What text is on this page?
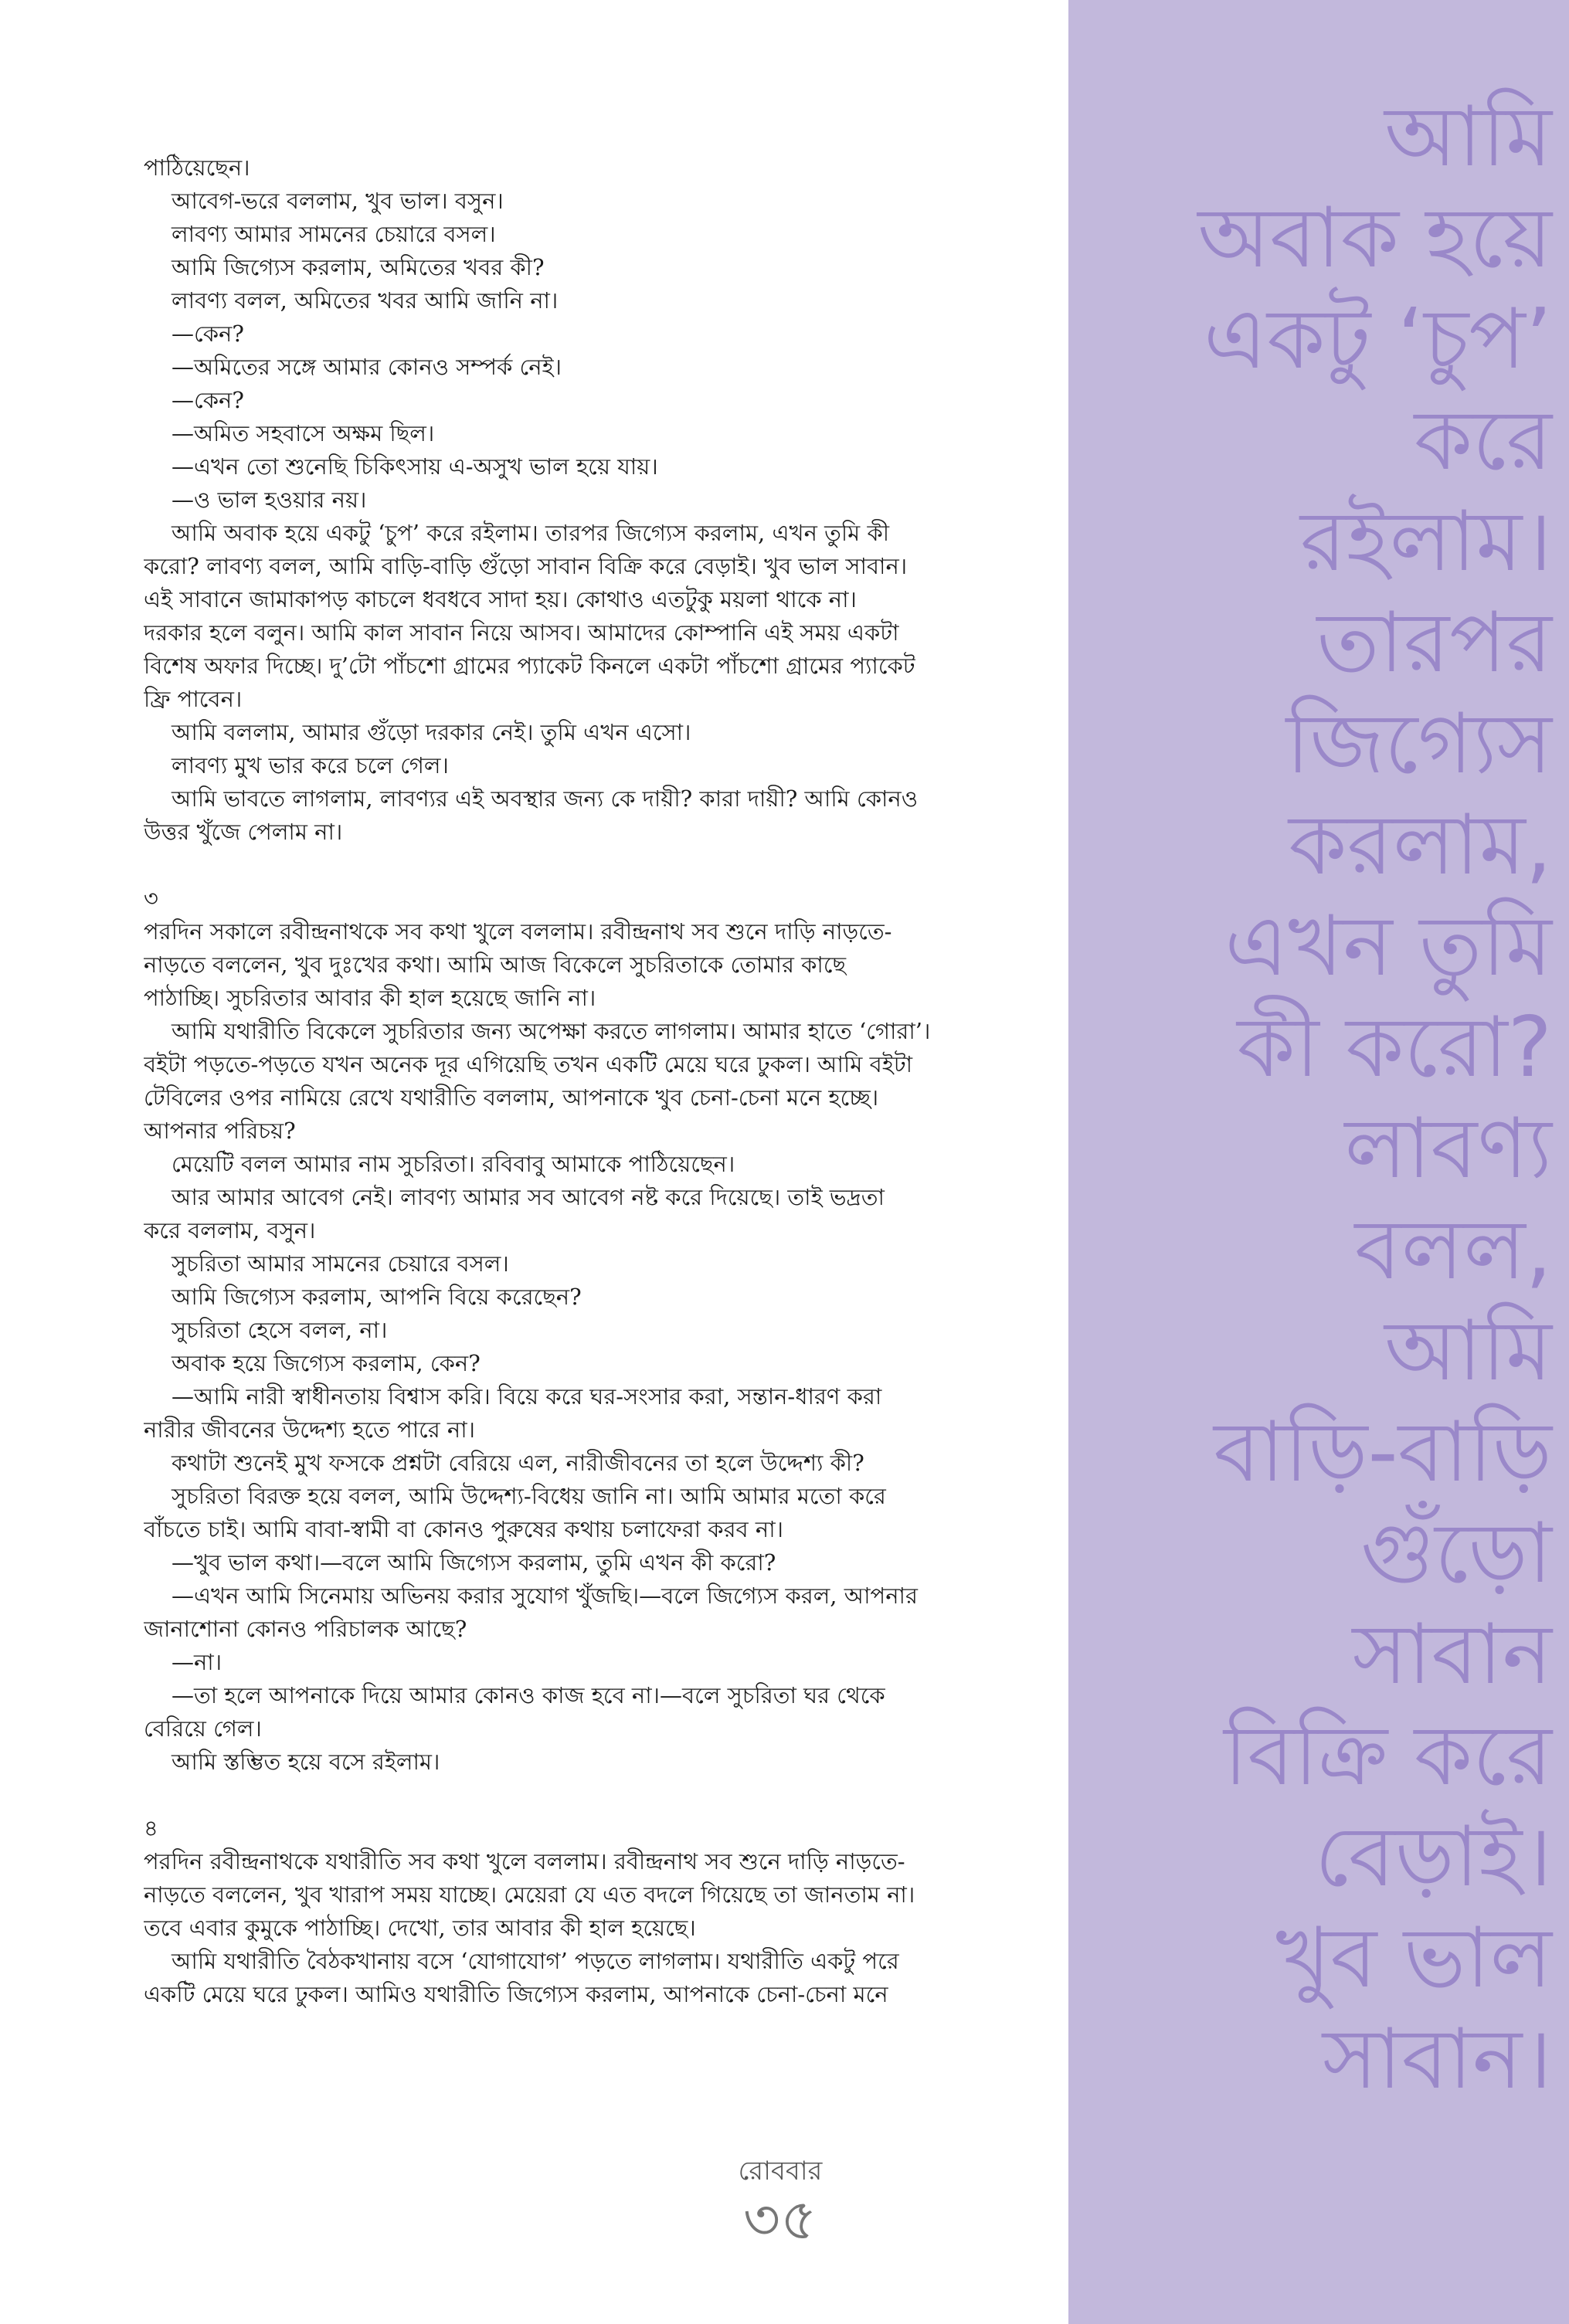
পাঠিয়েছেন।
আবেগ-ভরে বললাম, খুব ভাল। বসুন।
লাবণ্য আমার সামনের চেয়ারে বসল।
আমি জিগ্যেস করলাম, অমিতের খবর কী?
লাবণ্য বলল, অমিতের খবর আমি জানি না।
—কেন?
—অমিতের সঙ্গে আমার কোনও সম্পর্ক নেই।
—কেন?
—অমিত সহবাসে অক্ষম ছিল।
—এখন তো শুনেছি চিকিৎসায় এ-অসুখ ভাল হয়ে যায়।
—ও ভাল হওয়ার নয়।
আমি অবাক হয়ে একটু ‘চুপ’ করে রইলাম। তারপর জিগ্যেস করলাম, এখন তুমি কী
করো? লাবণ্য বলল, আমি বাড়ি-বাড়ি গুঁড়ো সাবান বিক্রি করে বেড়াই। খুব ভাল সাবান।
এই সাবানে জামাকাপড় কাচলে ধবধবে সাদা হয়। কোথাও এতটুকু ময়লা থাকে না।
দরকার হলে বলুন। আমি কাল সাবান নিয়ে আসব। আমাদের কোম্পানি এই সময় একটা
বিশেষ অফার দিচ্ছে। দু’টো পাঁচশো গ্রামের প্যাকেট কিনলে একটা পাঁচশো গ্রামের প্যাকেট
ফ্রি পাবেন।
আমি বললাম, আমার গুঁড়ো দরকার নেই। তুমি এখন এসো।
লাবণ্য মুখ ভার করে চলে গেল।
আমি ভাবতে লাগলাম, লাবণ্যর এই অবস্থার জন্য কে দায়ী? কারা দায়ী? আমি কোনও
উত্তর খুঁজে পেলাম না।
৩
পরদিন সকালে রবীন্দ্রনাথকে সব কথা খুলে বললাম। রবীন্দ্রনাথ সব শুনে দাড়ি নাড়তে-
নাড়তে বললেন, খুব দুঃখের কথা। আমি আজ বিকেলে সুচরিতাকে তোমার কাছে
পাঠাচ্ছি। সুচরিতার আবার কী হাল হয়েছে জানি না।
আমি যথারীতি বিকেলে সুচরিতার জন্য অপেক্ষা করতে লাগলাম। আমার হাতে ‘গোরা’।
বইটা পড়তে-পড়তে যখন অনেক দূর এগিয়েছি তখন একটি মেয়ে ঘরে ঢুকল। আমি বইটা
টেবিলের ওপর নামিয়ে রেখে যথারীতি বললাম, আপনাকে খুব চেনা-চেনা মনে হচ্ছে।
আপনার পরিচয়?
মেয়েটি বলল আমার নাম সুচরিতা। রবিবাবু আমাকে পাঠিয়েছেন।
আর আমার আবেগ নেই। লাবণ্য আমার সব আবেগ নষ্ট করে দিয়েছে। তাই ভদ্রতা
করে বললাম, বসুন।
সুচরিতা আমার সামনের চেয়ারে বসল।
আমি জিগ্যেস করলাম, আপনি বিয়ে করেছেন?
সুচরিতা হেসে বলল, না।
অবাক হয়ে জিগ্যেস করলাম, কেন?
—আমি নারী স্বাধীনতায় বিশ্বাস করি। বিয়ে করে ঘর-সংসার করা, সন্তান-ধারণ করা
নারীর জীবনের উদ্দেশ্য হতে পারে না।
কথাটা শুনেই মুখ ফসকে প্রশ্নটা বেরিয়ে এল, নারীজীবনের তা হলে উদ্দেশ্য কী?
সুচরিতা বিরক্ত হয়ে বলল, আমি উদ্দেশ্য-বিধেয় জানি না। আমি আমার মতো করে
বাঁচতে চাই। আমি বাবা-স্বামী বা কোনও পুরুষের কথায় চলাফেরা করব না।
—খুব ভাল কথা।—বলে আমি জিগ্যেস করলাম, তুমি এখন কী করো?
—এখন আমি সিনেমায় অভিনয় করার সুযোগ খুঁজছি।—বলে জিগ্যেস করল, আপনার
জানাশোনা কোনও পরিচালক আছে?
—না।
—তা হলে আপনাকে দিয়ে আমার কোনও কাজ হবে না।—বলে সুচরিতা ঘর থেকে
বেরিয়ে গেল।
আমি স্তম্ভিত হয়ে বসে রইলাম।
৪
পরদিন রবীন্দ্রনাথকে যথারীতি সব কথা খুলে বললাম। রবীন্দ্রনাথ সব শুনে দাড়ি নাড়তে-
নাড়তে বললেন, খুব খারাপ সময় যাচ্ছে। মেয়েরা যে এত বদলে গিয়েছে তা জানতাম না।
তবে এবার কুমুকে পাঠাচ্ছি। দেখো, তার আবার কী হাল হয়েছে।
আমি যথারীতি বৈঠকখানায় বসে ‘যোগাযোগ’ পড়তে লাগলাম। যথারীতি একটু পরে
একটি মেয়ে ঘরে ঢুকল। আমিও যথারীতি জিগ্যেস করলাম, আপনাকে চেনা-চেনা মনে
আমি
অবাক হয়ে
একটু ‘চুপ’
করে
রইলাম।
তারপর
জিগ্যেস
করলাম,
এখন তুমি
কী করো?
লাবণ্য
বলল,
আমি
বাড়ি-বাড়ি
গুঁড়ো
সাবান
বিক্রি করে
বেড়াই।
খুব ভাল
সাবান।
রোববার
৩৫
